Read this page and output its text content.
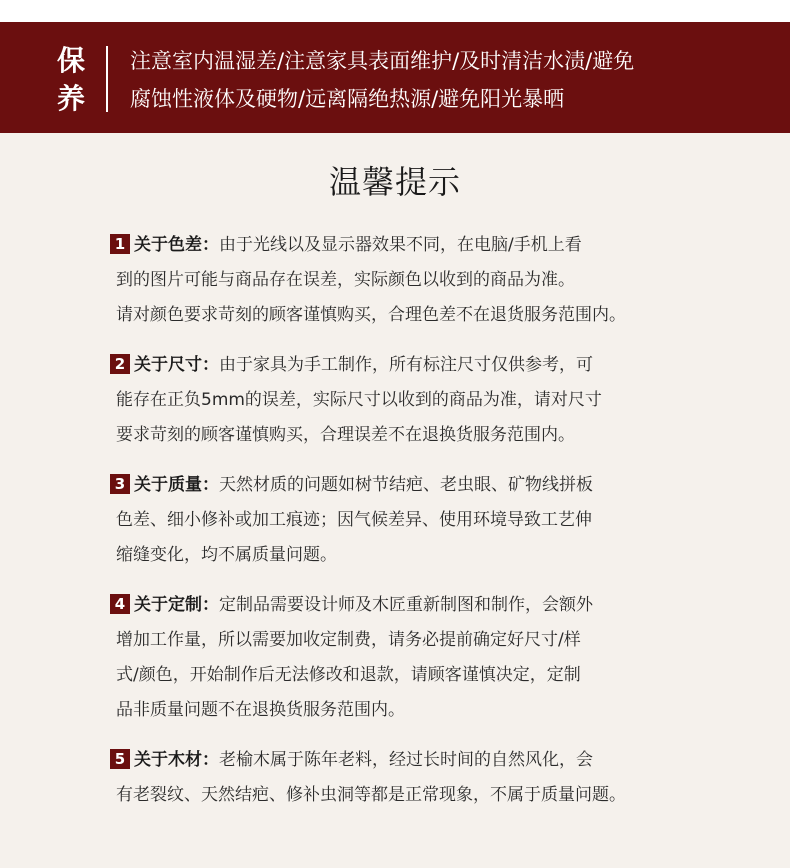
保
养
注意室内温湿差/注意家具表面维护/及时清洁水渍/避免
腐蚀性液体及硬物/远离隔绝热源/避免阳光暴晒
温馨提示
1 关于色差：由于光线以及显示器效果不同，在电脑/手机上看
到的图片可能与商品存在误差，实际颜色以收到的商品为准。
请对颜色要求苛刻的顾客谨慎购买，合理色差不在退货服务范围内。
2 关于尺寸：由于家具为手工制作，所有标注尺寸仅供参考，可
能存在正负5mm的误差，实际尺寸以收到的商品为准，请对尺寸
要求苛刻的顾客谨慎购买，合理误差不在退换货服务范围内。
3 关于质量：天然材质的问题如树节结疤、老虫眼、矿物线拼板
色差、细小修补或加工痕迹；因气候差异、使用环境导致工艺伸
缩缝变化，均不属质量问题。
4 关于定制：定制品需要设计师及木匠重新制图和制作，会额外
增加工作量，所以需要加收定制费，请务必提前确定好尺寸/样
式/颜色，开始制作后无法修改和退款，请顾客谨慎决定，定制
品非质量问题不在退换货服务范围内。
5 关于木材：老榆木属于陈年老料，经过长时间的自然风化，会
有老裂纹、天然结疤、修补虫洞等都是正常现象，不属于质量问题。
